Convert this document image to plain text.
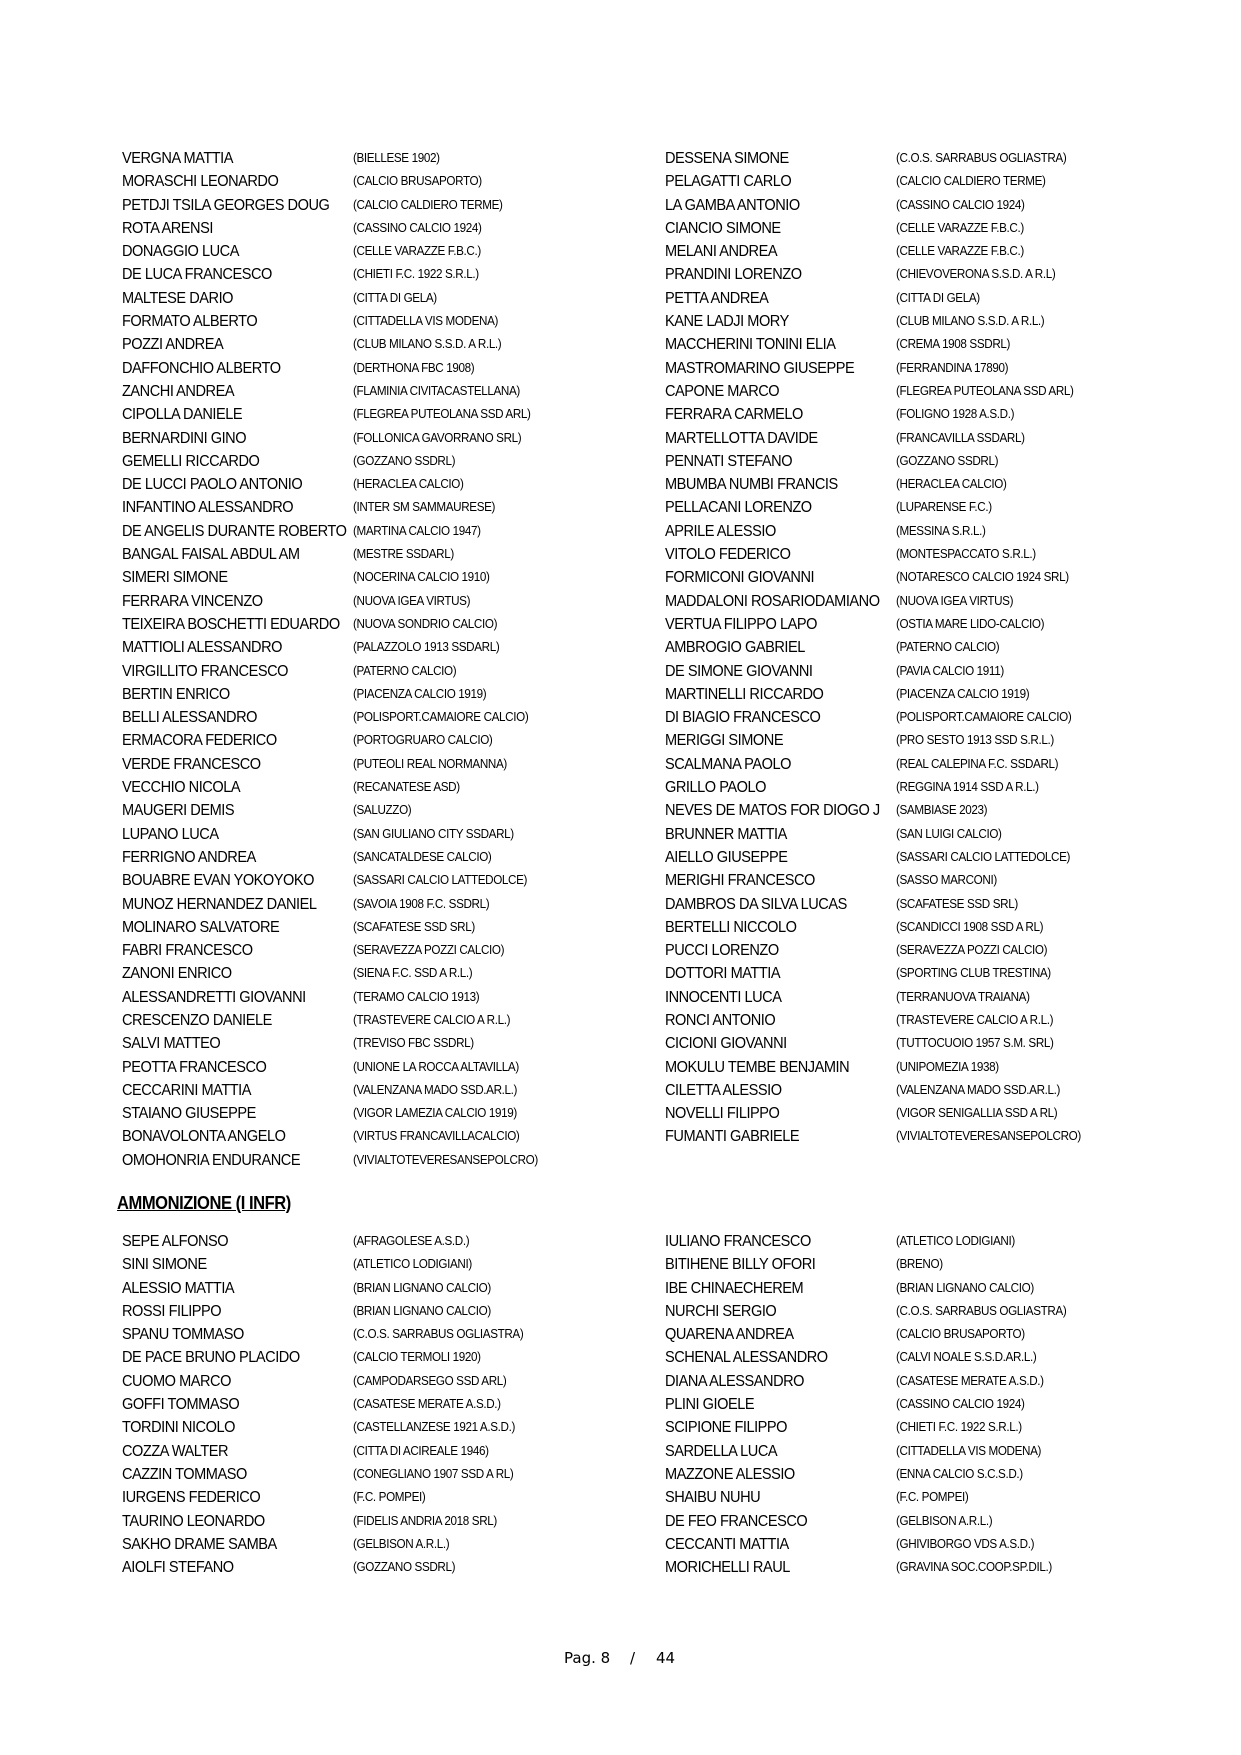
VERGNA MATTIA	(BIELLESE 1902)
MORASCHI LEONARDO	(CALCIO BRUSAPORTO)
PETDJI TSILA GEORGES DOUG (CALCIO CALDIERO TERME)
ROTA ARENSI	(CASSINO CALCIO 1924)
DONAGGIO LUCA	(CELLE VARAZZE F.B.C.)
DE LUCA FRANCESCO	(CHIETI F.C. 1922 S.R.L.)
MALTESE DARIO	(CITTA DI GELA)
FORMATO ALBERTO	(CITTADELLA VIS MODENA)
POZZI ANDREA	(CLUB MILANO S.S.D. A R.L.)
DAFFONCHIO ALBERTO	(DERTHONA FBC 1908)
ZANCHI ANDREA	(FLAMINIA CIVITACASTELLANA)
CIPOLLA DANIELE	(FLEGREA PUTEOLANA SSD ARL)
BERNARDINI GINO	(FOLLONICA GAVORRANO SRL)
GEMELLI RICCARDO	(GOZZANO SSDRL)
DE LUCCI PAOLO ANTONIO	(HERACLEA CALCIO)
INFANTINO ALESSANDRO	(INTER SM SAMMAURESE)
DE ANGELIS DURANTE ROBERTO (MARTINA CALCIO 1947)
BANGAL FAISAL ABDUL AM	(MESTRE SSDARL)
SIMERI SIMONE	(NOCERINA CALCIO 1910)
FERRARA VINCENZO	(NUOVA IGEA VIRTUS)
TEIXEIRA BOSCHETTI EDUARDO (NUOVA SONDRIO CALCIO)
MATTIOLI ALESSANDRO	(PALAZZOLO 1913 SSDARL)
VIRGILLITO FRANCESCO	(PATERNO CALCIO)
BERTIN ENRICO	(PIACENZA CALCIO 1919)
BELLI ALESSANDRO	(POLISPORT.CAMAIORE CALCIO)
ERMACORA FEDERICO	(PORTOGRUARO CALCIO)
VERDE FRANCESCO	(PUTEOLI REAL NORMANNA)
VECCHIO NICOLA	(RECANATESE ASD)
MAUGERI DEMIS	(SALUZZO)
LUPANO LUCA	(SAN GIULIANO CITY SSDARL)
FERRIGNO ANDREA	(SANCATALDESE CALCIO)
BOUABRE EVAN YOKOYOKO	(SASSARI CALCIO LATTEDOLCE)
MUNOZ HERNANDEZ DANIEL	(SAVOIA 1908 F.C. SSDRL)
MOLINARO SALVATORE	(SCAFATESE SSD SRL)
FABRI FRANCESCO	(SERAVEZZA POZZI CALCIO)
ZANONI ENRICO	(SIENA F.C. SSD A R.L.)
ALESSANDRETTI GIOVANNI	(TERAMO CALCIO 1913)
CRESCENZO DANIELE	(TRASTEVERE CALCIO A R.L.)
SALVI MATTEO	(TREVISO FBC SSDRL)
PEOTTA FRANCESCO	(UNIONE LA ROCCA ALTAVILLA)
CECCARINI MATTIA	(VALENZANA MADO SSD.AR.L.)
STAIANO GIUSEPPE	(VIGOR LAMEZIA CALCIO 1919)
BONAVOLONTA ANGELO	(VIRTUS FRANCAVILLACALCIO)
OMOHONRIA ENDURANCE	(VIVIALTOTEVERESANSEPOLCRO)
DESSENA SIMONE	(C.O.S. SARRABUS OGLIASTRA)
PELAGATTI CARLO	(CALCIO CALDIERO TERME)
LA GAMBA ANTONIO	(CASSINO CALCIO 1924)
CIANCIO SIMONE	(CELLE VARAZZE F.B.C.)
MELANI ANDREA	(CELLE VARAZZE F.B.C.)
PRANDINI LORENZO	(CHIEVOVERONA S.S.D. A R.L)
PETTA ANDREA	(CITTA DI GELA)
KANE LADJI MORY	(CLUB MILANO S.S.D. A R.L.)
MACCHERINI TONINI ELIA	(CREMA 1908 SSDRL)
MASTROMARINO GIUSEPPE	(FERRANDINA 17890)
CAPONE MARCO	(FLEGREA PUTEOLANA SSD ARL)
FERRARA CARMELO	(FOLIGNO 1928 A.S.D.)
MARTELLOTTA DAVIDE	(FRANCAVILLA SSDARL)
PENNATI STEFANO	(GOZZANO SSDRL)
MBUMBA NUMBI FRANCIS	(HERACLEA CALCIO)
PELLACANI LORENZO	(LUPARENSE F.C.)
APRILE ALESSIO	(MESSINA S.R.L.)
VITOLO FEDERICO	(MONTESPACCATO S.R.L.)
FORMICONI GIOVANNI	(NOTARESCO CALCIO 1924 SRL)
MADDALONI ROSARIODAMIANO (NUOVA IGEA VIRTUS)
VERTUA FILIPPO LAPO	(OSTIA MARE LIDO-CALCIO)
AMBROGIO GABRIEL	(PATERNO CALCIO)
DE SIMONE GIOVANNI	(PAVIA CALCIO 1911)
MARTINELLI RICCARDO	(PIACENZA CALCIO 1919)
DI BIAGIO FRANCESCO	(POLISPORT.CAMAIORE CALCIO)
MERIGGI SIMONE	(PRO SESTO 1913 SSD S.R.L.)
SCALMANA PAOLO	(REAL CALEPINA F.C. SSDARL)
GRILLO PAOLO	(REGGINA 1914 SSD A R.L.)
NEVES DE MATOS FOR DIOGO J (SAMBIASE 2023)
BRUNNER MATTIA	(SAN LUIGI CALCIO)
AIELLO GIUSEPPE	(SASSARI CALCIO LATTEDOLCE)
MERIGHI FRANCESCO	(SASSO MARCONI)
DAMBROS DA SILVA LUCAS	(SCAFATESE SSD SRL)
BERTELLI NICCOLO	(SCANDICCI 1908 SSD A RL)
PUCCI LORENZO	(SERAVEZZA POZZI CALCIO)
DOTTORI MATTIA	(SPORTING CLUB TRESTINA)
INNOCENTI LUCA	(TERRANUOVA TRAIANA)
RONCI ANTONIO	(TRASTEVERE CALCIO A R.L.)
CICIONI GIOVANNI	(TUTTOCUOIO 1957 S.M. SRL)
MOKULU TEMBE BENJAMIN	(UNIPOMEZIA 1938)
CILETTA ALESSIO	(VALENZANA MADO SSD.AR.L.)
NOVELLI FILIPPO	(VIGOR SENIGALLIA SSD A RL)
FUMANTI GABRIELE	(VIVIALTOTEVERESANSEPOLCRO)
AMMONIZIONE (I INFR)
SEPE ALFONSO	(AFRAGOLESE A.S.D.)
SINI SIMONE	(ATLETICO LODIGIANI)
ALESSIO MATTIA	(BRIAN LIGNANO CALCIO)
ROSSI FILIPPO	(BRIAN LIGNANO CALCIO)
SPANU TOMMASO	(C.O.S. SARRABUS OGLIASTRA)
DE PACE BRUNO PLACIDO	(CALCIO TERMOLI 1920)
CUOMO MARCO	(CAMPODARSEGO SSD ARL)
GOFFI TOMMASO	(CASATESE MERATE A.S.D.)
TORDINI NICOLO	(CASTELLANZESE 1921 A.S.D.)
COZZA WALTER	(CITTA DI ACIREALE 1946)
CAZZIN TOMMASO	(CONEGLIANO 1907 SSD A RL)
IURGENS FEDERICO	(F.C. POMPEI)
TAURINO LEONARDO	(FIDELIS ANDRIA 2018 SRL)
SAKHO DRAME SAMBA	(GELBISON A.R.L.)
AIOLFI STEFANO	(GOZZANO SSDRL)
IULIANO FRANCESCO	(ATLETICO LODIGIANI)
BITIHENE BILLY OFORI	(BRENO)
IBE CHINAECHEREM	(BRIAN LIGNANO CALCIO)
NURCHI SERGIO	(C.O.S. SARRABUS OGLIASTRA)
QUARENA ANDREA	(CALCIO BRUSAPORTO)
SCHENAL ALESSANDRO	(CALVI NOALE S.S.D.AR.L.)
DIANA ALESSANDRO	(CASATESE MERATE A.S.D.)
PLINI GIOELE	(CASSINO CALCIO 1924)
SCIPIONE FILIPPO	(CHIETI F.C. 1922 S.R.L.)
SARDELLA LUCA	(CITTADELLA VIS MODENA)
MAZZONE ALESSIO	(ENNA CALCIO S.C.S.D.)
SHAIBU NUHU	(F.C. POMPEI)
DE FEO FRANCESCO	(GELBISON A.R.L.)
CECCANTI MATTIA	(GHIVIBORGO VDS A.S.D.)
MORICHELLI RAUL	(GRAVINA SOC.COOP.SP.DIL.)
Pag. 8 / 44
